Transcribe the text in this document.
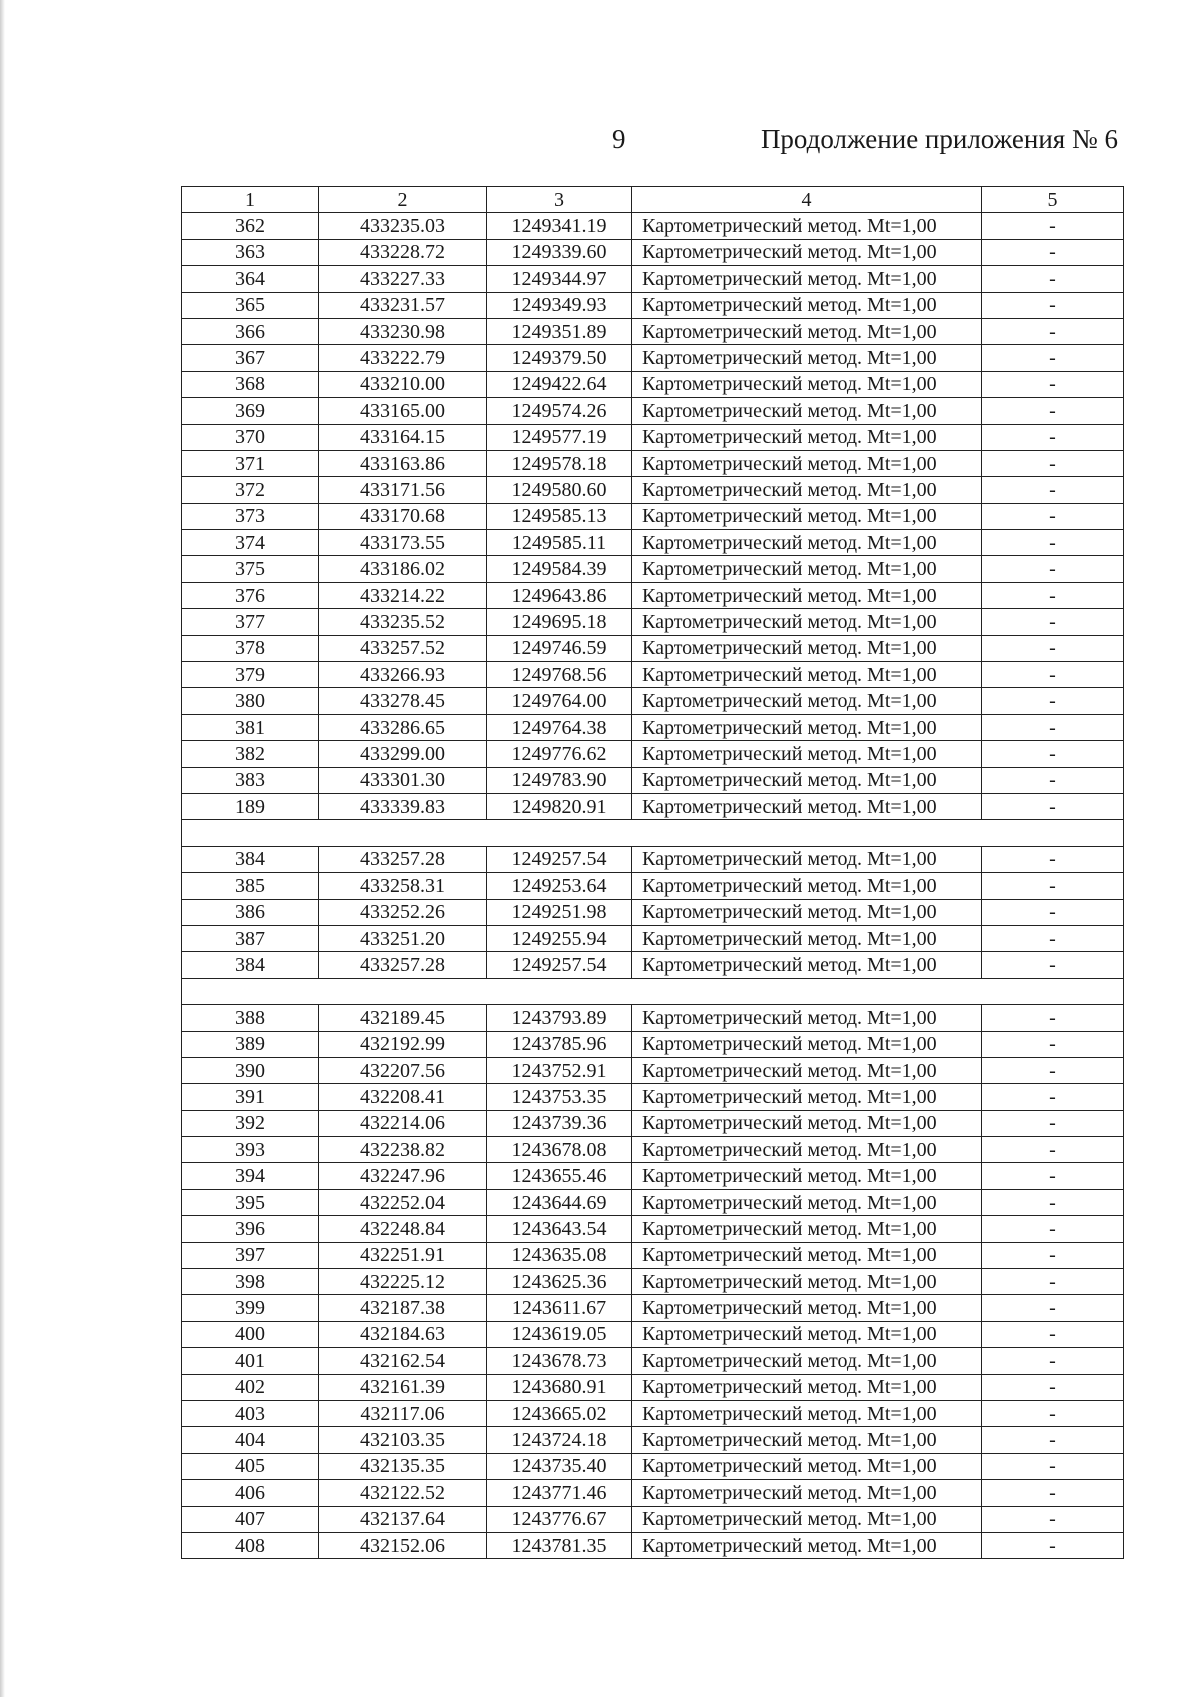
9	Продолжение приложения № 6
1	2	3	4	5
362	433235.03	1249341.19	Картометрический метод. Mt=1,00	-
363	433228.72	1249339.60	Картометрический метод. Mt=1,00	-
364	433227.33	1249344.97	Картометрический метод. Mt=1,00	-
365	433231.57	1249349.93	Картометрический метод. Mt=1,00	-
366	433230.98	1249351.89	Картометрический метод. Mt=1,00	-
367	433222.79	1249379.50	Картометрический метод. Mt=1,00	-
368	433210.00	1249422.64	Картометрический метод. Mt=1,00	-
369	433165.00	1249574.26	Картометрический метод. Mt=1,00	-
370	433164.15	1249577.19	Картометрический метод. Mt=1,00	-
371	433163.86	1249578.18	Картометрический метод. Mt=1,00	-
372	433171.56	1249580.60	Картометрический метод. Mt=1,00	-
373	433170.68	1249585.13	Картометрический метод. Mt=1,00	-
374	433173.55	1249585.11	Картометрический метод. Mt=1,00	-
375	433186.02	1249584.39	Картометрический метод. Mt=1,00	-
376	433214.22	1249643.86	Картометрический метод. Mt=1,00	-
377	433235.52	1249695.18	Картометрический метод. Mt=1,00	-
378	433257.52	1249746.59	Картометрический метод. Mt=1,00	-
379	433266.93	1249768.56	Картометрический метод. Mt=1,00	-
380	433278.45	1249764.00	Картометрический метод. Mt=1,00	-
381	433286.65	1249764.38	Картометрический метод. Mt=1,00	-
382	433299.00	1249776.62	Картометрический метод. Mt=1,00	-
383	433301.30	1249783.90	Картометрический метод. Mt=1,00	-
189	433339.83	1249820.91	Картометрический метод. Mt=1,00	-

384	433257.28	1249257.54	Картометрический метод. Mt=1,00	-
385	433258.31	1249253.64	Картометрический метод. Mt=1,00	-
386	433252.26	1249251.98	Картометрический метод. Mt=1,00	-
387	433251.20	1249255.94	Картометрический метод. Mt=1,00	-
384	433257.28	1249257.54	Картометрический метод. Mt=1,00	-

388	432189.45	1243793.89	Картометрический метод. Mt=1,00	-
389	432192.99	1243785.96	Картометрический метод. Mt=1,00	-
390	432207.56	1243752.91	Картометрический метод. Mt=1,00	-
391	432208.41	1243753.35	Картометрический метод. Mt=1,00	-
392	432214.06	1243739.36	Картометрический метод. Mt=1,00	-
393	432238.82	1243678.08	Картометрический метод. Mt=1,00	-
394	432247.96	1243655.46	Картометрический метод. Mt=1,00	-
395	432252.04	1243644.69	Картометрический метод. Mt=1,00	-
396	432248.84	1243643.54	Картометрический метод. Mt=1,00	-
397	432251.91	1243635.08	Картометрический метод. Mt=1,00	-
398	432225.12	1243625.36	Картометрический метод. Mt=1,00	-
399	432187.38	1243611.67	Картометрический метод. Mt=1,00	-
400	432184.63	1243619.05	Картометрический метод. Mt=1,00	-
401	432162.54	1243678.73	Картометрический метод. Mt=1,00	-
402	432161.39	1243680.91	Картометрический метод. Mt=1,00	-
403	432117.06	1243665.02	Картометрический метод. Mt=1,00	-
404	432103.35	1243724.18	Картометрический метод. Mt=1,00	-
405	432135.35	1243735.40	Картометрический метод. Mt=1,00	-
406	432122.52	1243771.46	Картометрический метод. Mt=1,00	-
407	432137.64	1243776.67	Картометрический метод. Mt=1,00	-
408	432152.06	1243781.35	Картометрический метод. Mt=1,00	-
